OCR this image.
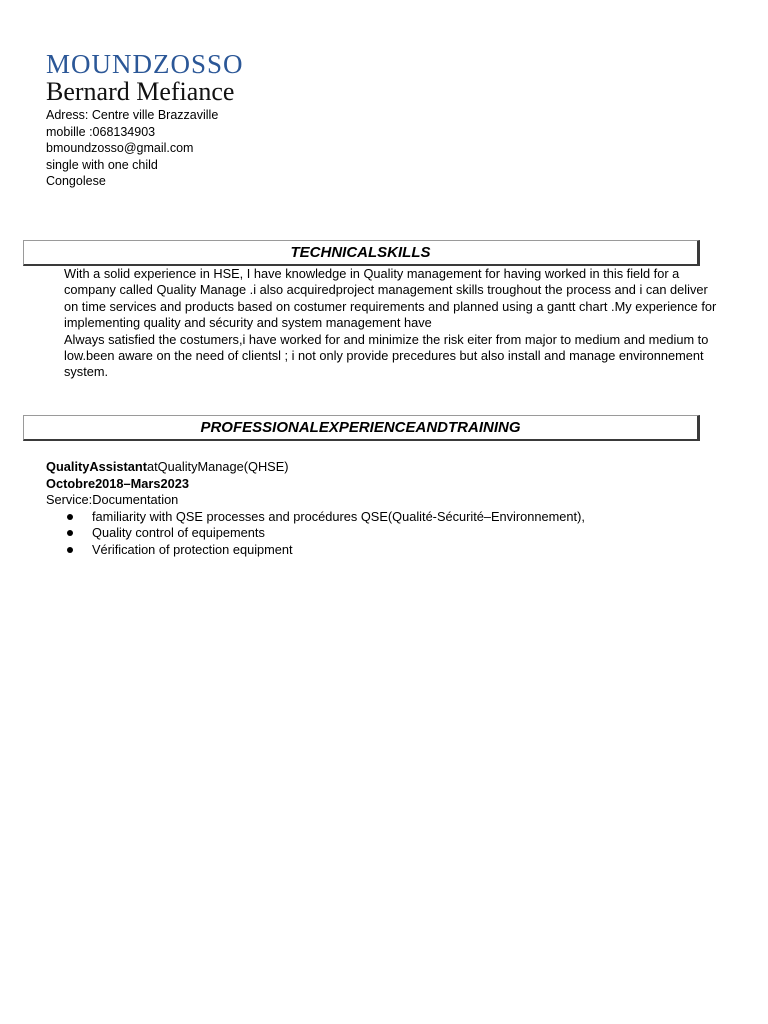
MOUNDZOSSO
Bernard Mefiance
Adress: Centre ville Brazzaville
mobille :068134903
bmoundzosso@gmail.com
single with one child
Congolese
TECHNICALSKILLS

With a solid experience in HSE, I have knowledge in Quality management for having worked in this field for a company called Quality Manage .i also acquiredproject management skills troughout the process and i can deliver on time services and products based on costumer requirements and planned using a gantt chart .My experience for implementing quality and sécurity and system management have

Always satisfied the costumers,i have worked for and minimize the risk eiter from major to medium and medium to low.been aware on the need of clientsl ; i not only provide precedures but also install and manage environnement system.

PROFESSIONALEXPERIENCEANDTRAINING
QualityAssistantatQualityManage(QHSE)
Octobre2018–Mars2023
Service:Documentation
familiarity with QSE processes and procédures QSE(Qualité-Sécurité–Environnement),
Quality control of equipements
Vérification of protection equipment
